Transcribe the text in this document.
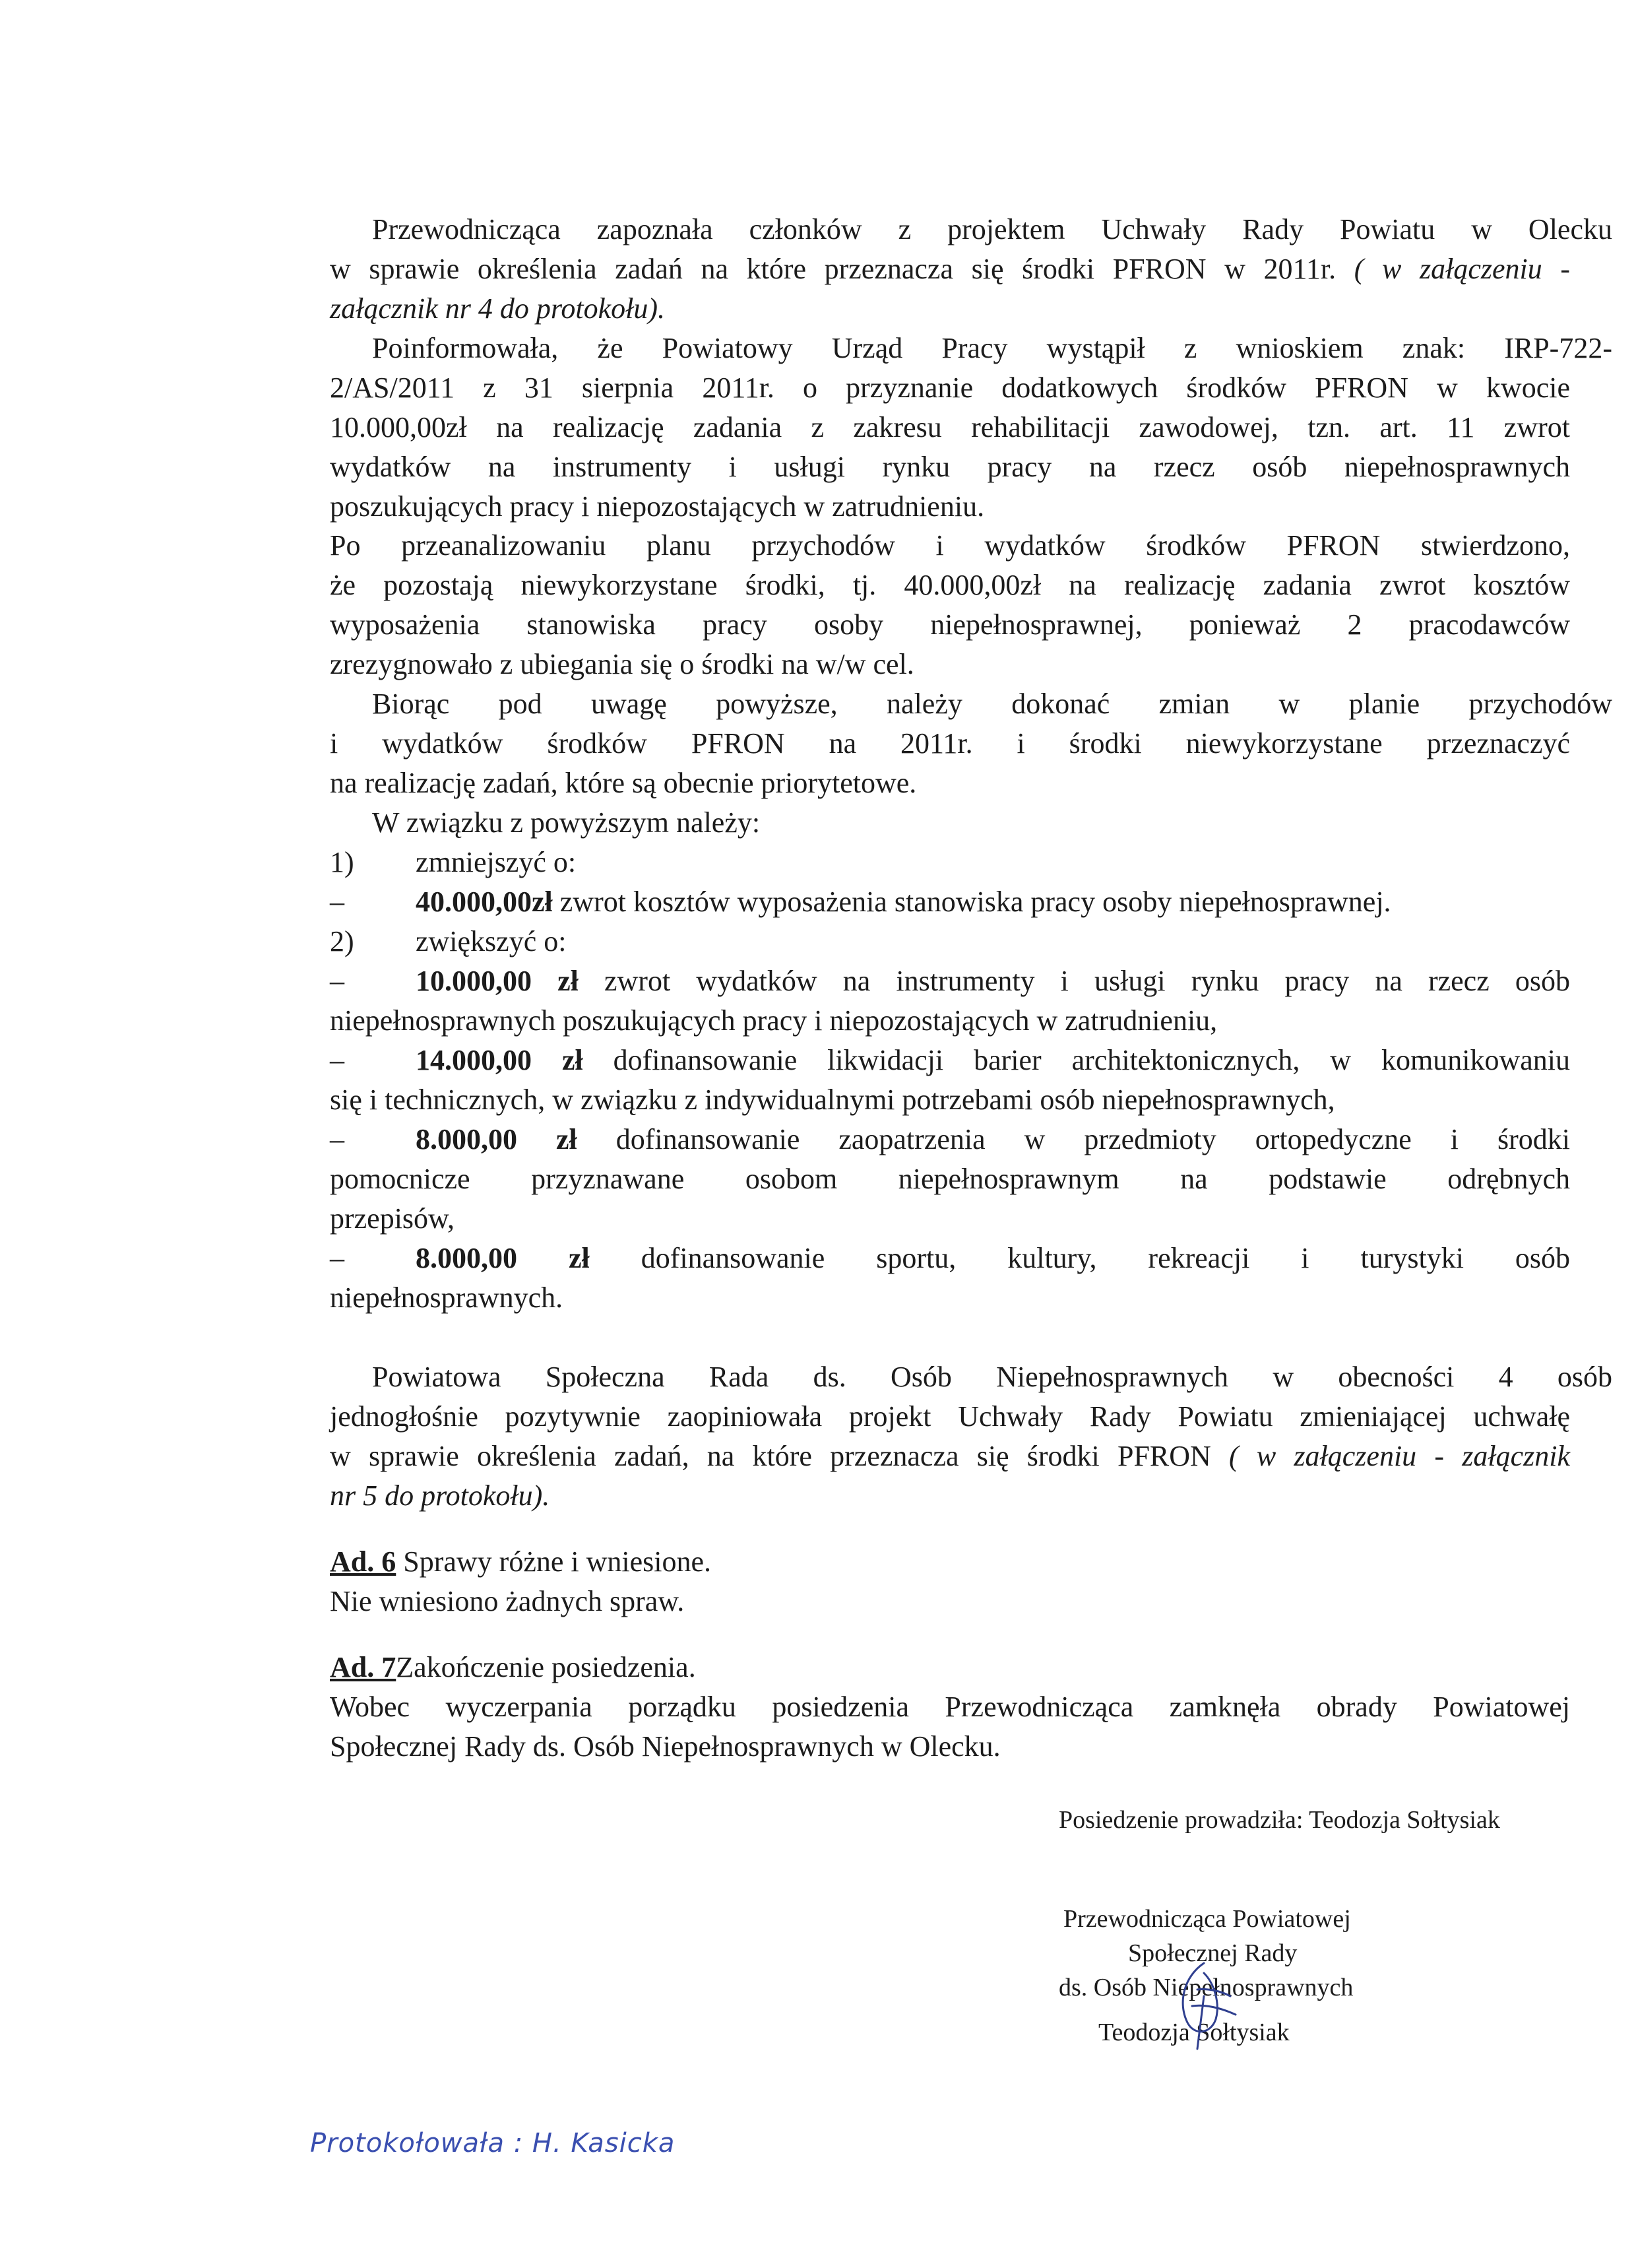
Przewodnicząca zapoznała członków z projektem Uchwały Rady Powiatu w Olecku
w sprawie określenia zadań na które przeznacza się środki PFRON w 2011r. ( w załączeniu -
załącznik nr 4 do protokołu).
Poinformowała, że Powiatowy Urząd Pracy wystąpił z wnioskiem znak: IRP-722-
2/AS/2011 z 31 sierpnia 2011r. o przyznanie dodatkowych środków PFRON w kwocie
10.000,00zł na realizację zadania z zakresu rehabilitacji zawodowej, tzn. art. 11 zwrot
wydatków na instrumenty i usługi rynku pracy na rzecz osób niepełnosprawnych
poszukujących pracy i niepozostających w zatrudnieniu.
Po przeanalizowaniu planu przychodów i wydatków środków PFRON stwierdzono,
że pozostają niewykorzystane środki, tj. 40.000,00zł na realizację zadania zwrot kosztów
wyposażenia stanowiska pracy osoby niepełnosprawnej, ponieważ 2 pracodawców
zrezygnowało z ubiegania się o środki na w/w cel.
Biorąc pod uwagę powyższe, należy dokonać zmian w planie przychodów
i wydatków środków PFRON na 2011r. i środki niewykorzystane przeznaczyć
na realizację zadań, które są obecnie priorytetowe.
W związku z powyższym należy:
1) zmniejszyć o:
– 40.000,00zł zwrot kosztów wyposażenia stanowiska pracy osoby niepełnosprawnej.
2) zwiększyć o:
– 10.000,00 zł zwrot wydatków na instrumenty i usługi rynku pracy na rzecz osób
niepełnosprawnych poszukujących pracy i niepozostających w zatrudnieniu,
– 14.000,00 zł dofinansowanie likwidacji barier architektonicznych, w komunikowaniu
się i technicznych, w związku z indywidualnymi potrzebami osób niepełnosprawnych,
– 8.000,00 zł dofinansowanie zaopatrzenia w przedmioty ortopedyczne i środki
pomocnicze przyznawane osobom niepełnosprawnym na podstawie odrębnych
przepisów,
– 8.000,00 zł dofinansowanie sportu, kultury, rekreacji i turystyki osób
niepełnosprawnych.
Powiatowa Społeczna Rada ds. Osób Niepełnosprawnych w obecności 4 osób
jednogłośnie pozytywnie zaopiniowała projekt Uchwały Rady Powiatu zmieniającej uchwałę
w sprawie określenia zadań, na które przeznacza się środki PFRON ( w załączeniu - załącznik
nr 5 do protokołu).
Ad. 6 Sprawy różne i wniesione.
Nie wniesiono żadnych spraw.
Ad. 7Zakończenie posiedzenia.
Wobec wyczerpania porządku posiedzenia Przewodnicząca zamknęła obrady Powiatowej
Społecznej Rady ds. Osób Niepełnosprawnych w Olecku.
Posiedzenie prowadziła: Teodozja Sołtysiak
Przewodnicząca Powiatowej
Społecznej Rady
ds. Osób Niepełnosprawnych
Teodozja Sołtysiak
Protokołowała : H. Kasicka
